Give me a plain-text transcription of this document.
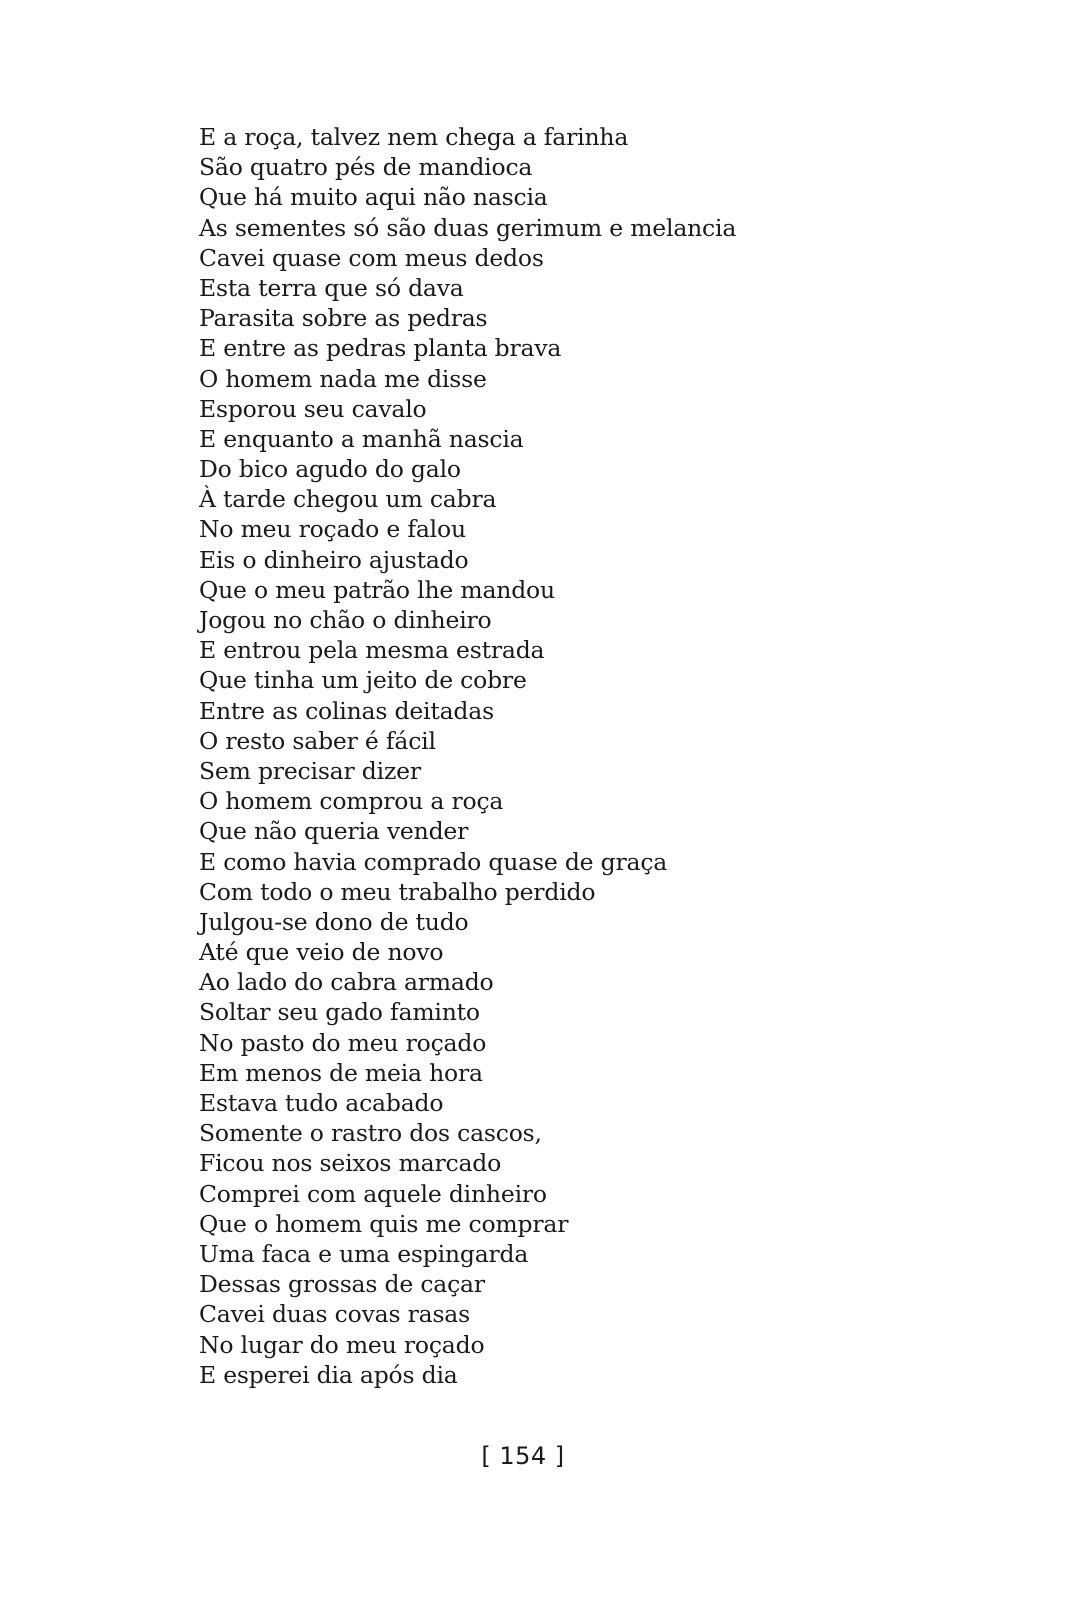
E a roça, talvez nem chega a farinha
São quatro pés de mandioca
Que há muito aqui não nascia
As sementes só são duas gerimum e melancia
Cavei quase com meus dedos
Esta terra que só dava
Parasita sobre as pedras
E entre as pedras planta brava
O homem nada me disse
Esporou seu cavalo
E enquanto a manhã nascia
Do bico agudo do galo
À tarde chegou um cabra
No meu roçado e falou
Eis o dinheiro ajustado
Que o meu patrão lhe mandou
Jogou no chão o dinheiro
E entrou pela mesma estrada
Que tinha um jeito de cobre
Entre as colinas deitadas
O resto saber é fácil
Sem precisar dizer
O homem comprou a roça
Que não queria vender
E como havia comprado quase de graça
Com todo o meu trabalho perdido
Julgou-se dono de tudo
Até que veio de novo
Ao lado do cabra armado
Soltar seu gado faminto
No pasto do meu roçado
Em menos de meia hora
Estava tudo acabado
Somente o rastro dos cascos,
Ficou nos seixos marcado
Comprei com aquele dinheiro
Que o homem quis me comprar
Uma faca e uma espingarda
Dessas grossas de caçar
Cavei duas covas rasas
No lugar do meu roçado
E esperei dia após dia
[ 154 ]
